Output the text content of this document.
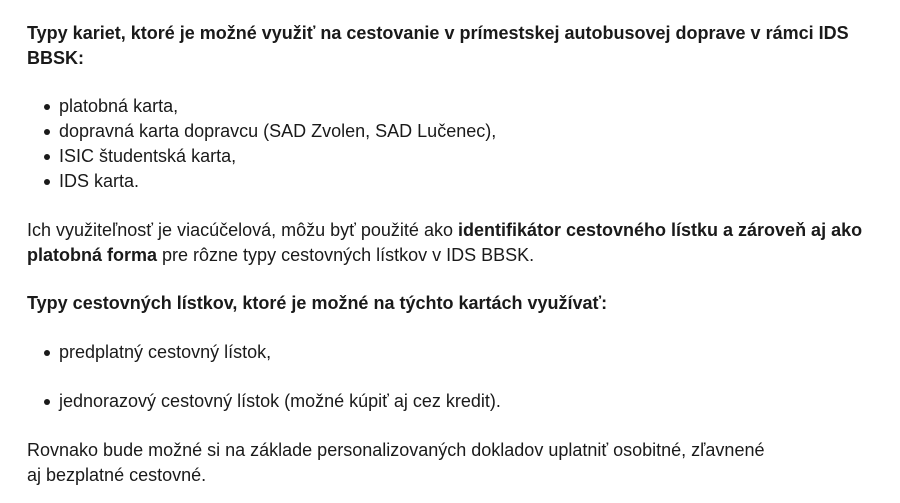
Typy kariet, ktoré je možné využiť na cestovanie v prímestskej autobusovej doprave v rámci IDS BBSK:

platobná karta,
dopravná karta dopravcu (SAD Zvolen, SAD Lučenec),
ISIC študentská karta,
IDS karta.

Ich využiteľnosť je viacúčelová, môžu byť použité ako identifikátor cestovného lístku a zároveň aj ako platobná forma pre rôzne typy cestovných lístkov v IDS BBSK.

Typy cestovných lístkov, ktoré je možné na týchto kartách využívať:

predplatný cestovný lístok,
jednorazový cestovný lístok (možné kúpiť aj cez kredit).

Rovnako bude možné si na základe personalizovaných dokladov uplatniť osobitné, zľavnené
aj bezplatné cestovné.
